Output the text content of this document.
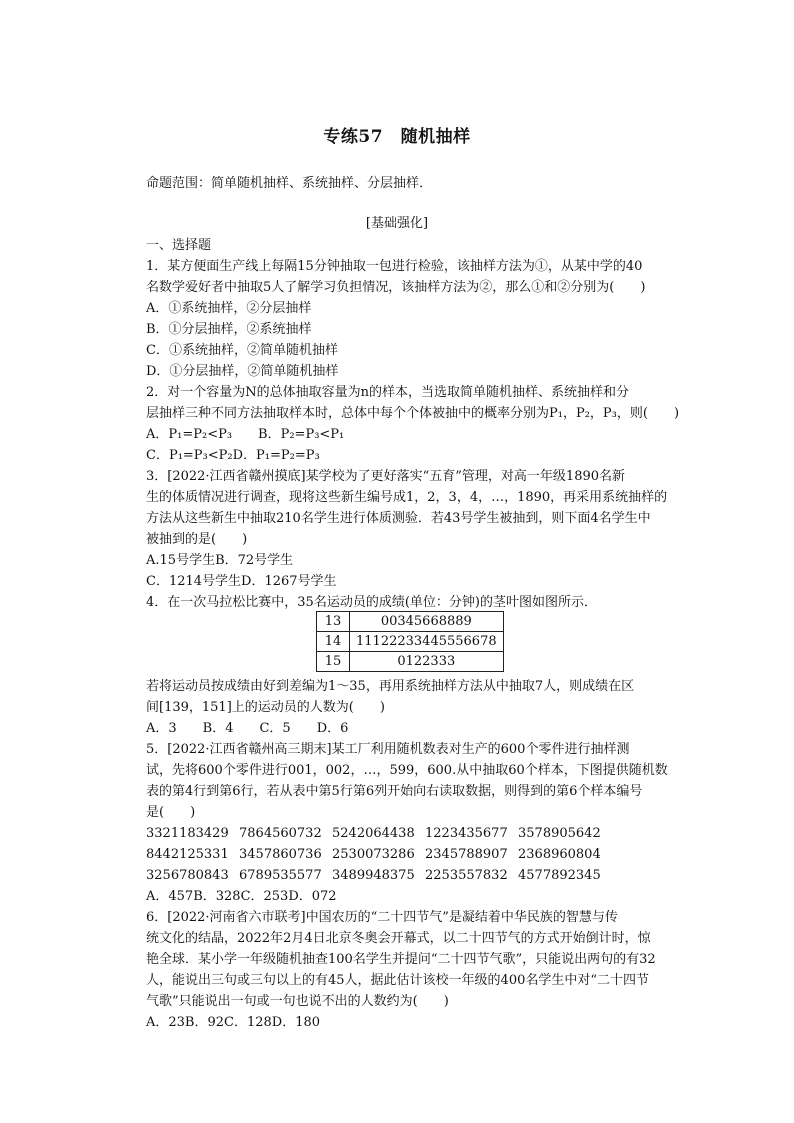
专练57　随机抽样
命题范围：简单随机抽样、系统抽样、分层抽样．
[基础强化]
一、选择题
1．某方便面生产线上每隔15分钟抽取一包进行检验，该抽样方法为①，从某中学的40
名数学爱好者中抽取5人了解学习负担情况，该抽样方法为②，那么①和②分别为(　　)
A．①系统抽样，②分层抽样
B．①分层抽样，②系统抽样
C．①系统抽样，②简单随机抽样
D．①分层抽样，②简单随机抽样
2．对一个容量为N的总体抽取容量为n的样本，当选取简单随机抽样、系统抽样和分
层抽样三种不同方法抽取样本时，总体中每个个体被抽中的概率分别为P₁，P₂，P₃，则(　　)
A．P₁=P₂<P₃　　B．P₂=P₃<P₁
C．P₁=P₃<P₂D．P₁=P₂=P₃
3．[2022·江西省赣州摸底]某学校为了更好落实“五育”管理，对高一年级1890名新
生的体质情况进行调查，现将这些新生编号成1，2，3，4，…，1890，再采用系统抽样的
方法从这些新生中抽取210名学生进行体质测验．若43号学生被抽到，则下面4名学生中
被抽到的是(　　)
A.15号学生B．72号学生
C．1214号学生D．1267号学生
4．在一次马拉松比赛中，35名运动员的成绩(单位：分钟)的茎叶图如图所示．
13	00345668889
14	11122233445556678
15	0122333
若将运动员按成绩由好到差编为1～35，再用系统抽样方法从中抽取7人，则成绩在区
间[139，151]上的运动员的人数为(　　)
A．3　　B．4　　C．5　　D．6
5．[2022·江西省赣州高三期末]某工厂利用随机数表对生产的600个零件进行抽样测
试，先将600个零件进行001，002，…，599，600.从中抽取60个样本，下图提供随机数
表的第4行到第6行，若从表中第5行第6列开始向右读取数据，则得到的第6个样本编号
是(　　)
3321183429 7864560732 5242064438 1223435677 3578905642
8442125331 3457860736 2530073286 2345788907 2368960804
3256780843 6789535577 3489948375 2253557832 4577892345
A．457B．328C．253D．072
6．[2022·河南省六市联考]中国农历的“二十四节气”是凝结着中华民族的智慧与传
统文化的结晶，2022年2月4日北京冬奥会开幕式，以二十四节气的方式开始倒计时，惊
艳全球．某小学一年级随机抽查100名学生并提问“二十四节气歌”，只能说出两句的有32
人，能说出三句或三句以上的有45人，据此估计该校一年级的400名学生中对“二十四节
气歌”只能说出一句或一句也说不出的人数约为(　　)
A．23B．92C．128D．180
